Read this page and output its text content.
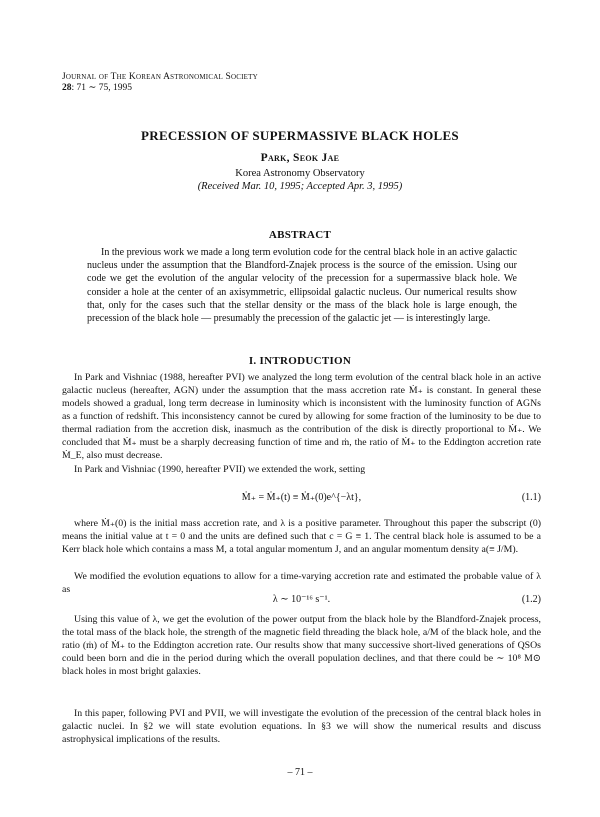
Journal of The Korean Astronomical Society
28: 71 ∼ 75, 1995
PRECESSION OF SUPERMASSIVE BLACK HOLES
Park, Seok Jae
Korea Astronomy Observatory
(Received Mar. 10, 1995; Accepted Apr. 3, 1995)
ABSTRACT

In the previous work we made a long term evolution code for the central black hole in an active galactic nucleus under the assumption that the Blandford-Znajek process is the source of the emission. Using our code we get the evolution of the angular velocity of the precession for a supermassive black hole. We consider a hole at the center of an axisymmetric, ellipsoidal galactic nucleus. Our numerical results show that, only for the cases such that the stellar density or the mass of the black hole is large enough, the precession of the black hole — presumably the precession of the galactic jet — is interestingly large.

I. INTRODUCTION

In Park and Vishniac (1988, hereafter PVI) we analyzed the long term evolution of the central black hole in an active galactic nucleus (hereafter, AGN) under the assumption that the mass accretion rate Ṁ₊ is constant. In general these models showed a gradual, long term decrease in luminosity which is inconsistent with the luminosity function of AGNs as a function of redshift. This inconsistency cannot be cured by allowing for some fraction of the luminosity to be due to thermal radiation from the accretion disk, inasmuch as the contribution of the disk is directly proportional to Ṁ₊. We concluded that Ṁ₊ must be a sharply decreasing function of time and ṁ, the ratio of Ṁ₊ to the Eddington accretion rate Ṁ_E, also must decrease.

In Park and Vishniac (1990, hereafter PVII) we extended the work, setting

Ṁ₊ = Ṁ₊(t) ≡ Ṁ₊(0)e^{−λt},	(1.1)

where Ṁ₊(0) is the initial mass accretion rate, and λ is a positive parameter. Throughout this paper the subscript (0) means the initial value at t = 0 and the units are defined such that c = G ≡ 1. The central black hole is assumed to be a Kerr black hole which contains a mass M, a total angular momentum J, and an angular momentum density a(≡ J/M).

We modified the evolution equations to allow for a time-varying accretion rate and estimated the probable value of λ as

λ ∼ 10⁻¹⁶ s⁻¹.	(1.2)

Using this value of λ, we get the evolution of the power output from the black hole by the Blandford-Znajek process, the total mass of the black hole, the strength of the magnetic field threading the black hole, a/M of the black hole, and the ratio (ṁ) of Ṁ₊ to the Eddington accretion rate. Our results show that many successive short-lived generations of QSOs could been born and die in the period during which the overall population declines, and that there could be ∼ 10⁸ M⊙ black holes in most bright galaxies.

In this paper, following PVI and PVII, we will investigate the evolution of the precession of the central black holes in galactic nuclei. In §2 we will state evolution equations. In §3 we will show the numerical results and discuss astrophysical implications of the results.

– 71 –
